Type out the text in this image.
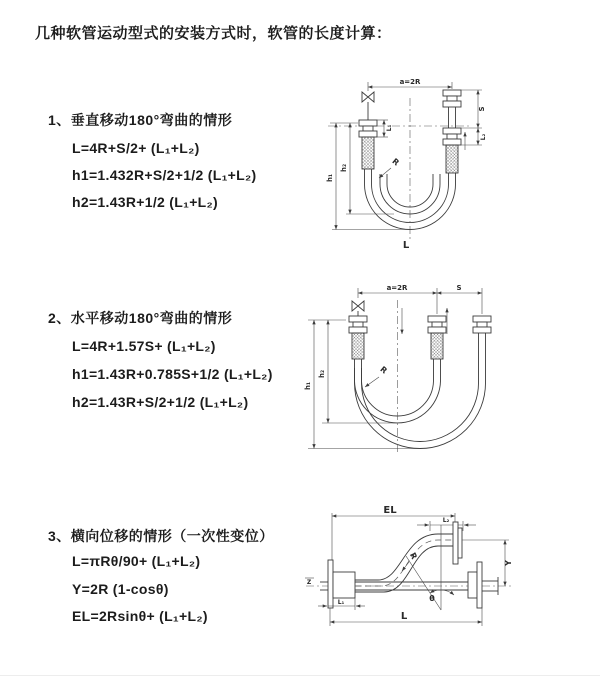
几种软管运动型式的安装方式时，软管的长度计算：
1、垂直移动180°弯曲的情形
L=4R+S/2+ (L₁+L₂)
h1=1.432R+S/2+1/2 (L₁+L₂)
h2=1.43R+1/2 (L₁+L₂)
2、水平移动180°弯曲的情形
L=4R+1.57S+ (L₁+L₂)
h1=1.43R+0.785S+1/2 (L₁+L₂)
h2=1.43R+S/2+1/2 (L₁+L₂)
3、横向位移的情形（一次性变位）
L=πRθ/90+ (L₁+L₂)
Y=2R (1-cosθ)
EL=2Rsinθ+ (L₁+L₂)
a=2R
h₁
h₂
L₁
S
L₂
R
L
a=2R	S
h₁
h₂	R
EL
L₂
Z
θ
R
Y
L₁
L
